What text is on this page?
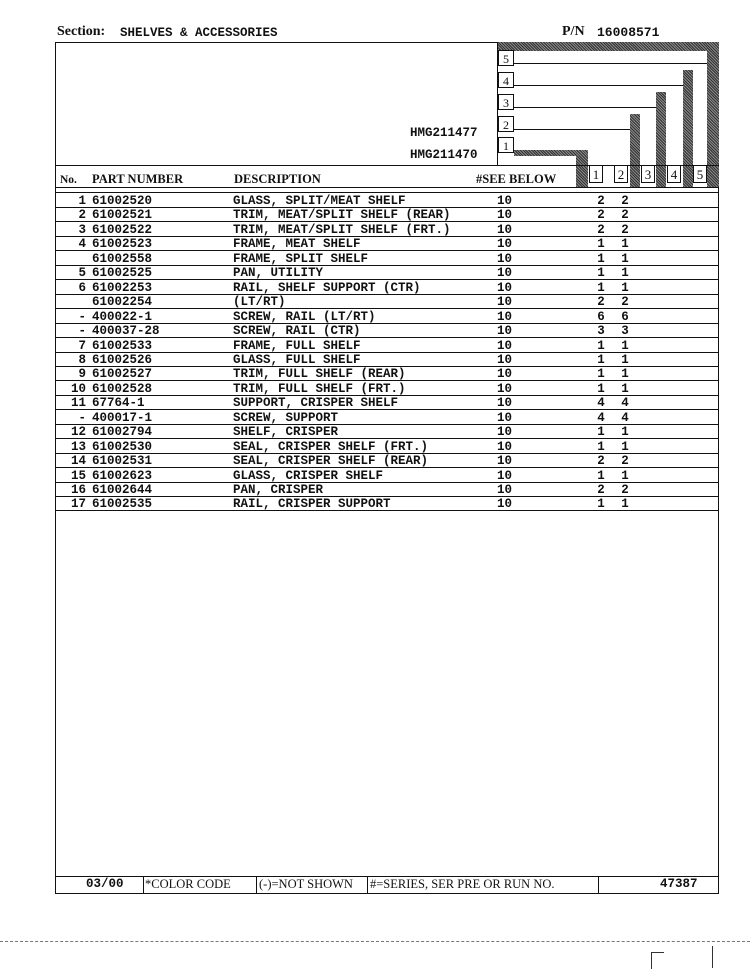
Section: SHELVES & ACCESSORIES	P/N 16008571
5
4
3
2
1
HMG211477
HMG211470
1 2 3 4 5
No. PART NUMBER	DESCRIPTION	#SEE BELOW
1 61002520	GLASS, SPLIT/MEAT SHELF	10	2 2
2 61002521	TRIM, MEAT/SPLIT SHELF (REAR)	10	2 2
3 61002522	TRIM, MEAT/SPLIT SHELF (FRT.)	10	2 2
4 61002523	FRAME, MEAT SHELF	10	1 1
61002558	FRAME, SPLIT SHELF	10	1 1
5 61002525	PAN, UTILITY	10	1 1
6 61002253	RAIL, SHELF SUPPORT (CTR)	10	1 1
61002254	(LT/RT)	10	2 2
- 400022-1	SCREW, RAIL (LT/RT)	10	6 6
- 400037-28	SCREW, RAIL (CTR)	10	3 3
7 61002533	FRAME, FULL SHELF	10	1 1
8 61002526	GLASS, FULL SHELF	10	1 1
9 61002527	TRIM, FULL SHELF (REAR)	10	1 1
10 61002528	TRIM, FULL SHELF (FRT.)	10	1 1
11 67764-1	SUPPORT, CRISPER SHELF	10	4 4
- 400017-1	SCREW, SUPPORT	10	4 4
12 61002794	SHELF, CRISPER	10	1 1
13 61002530	SEAL, CRISPER SHELF (FRT.)	10	1 1
14 61002531	SEAL, CRISPER SHELF (REAR)	10	2 2
15 61002623	GLASS, CRISPER SHELF	10	1 1
16 61002644	PAN, CRISPER	10	2 2
17 61002535	RAIL, CRISPER SUPPORT	10	1 1
03/00 *COLOR CODE (-)=NOT SHOWN #=SERIES, SER PRE OR RUN NO.	47387
